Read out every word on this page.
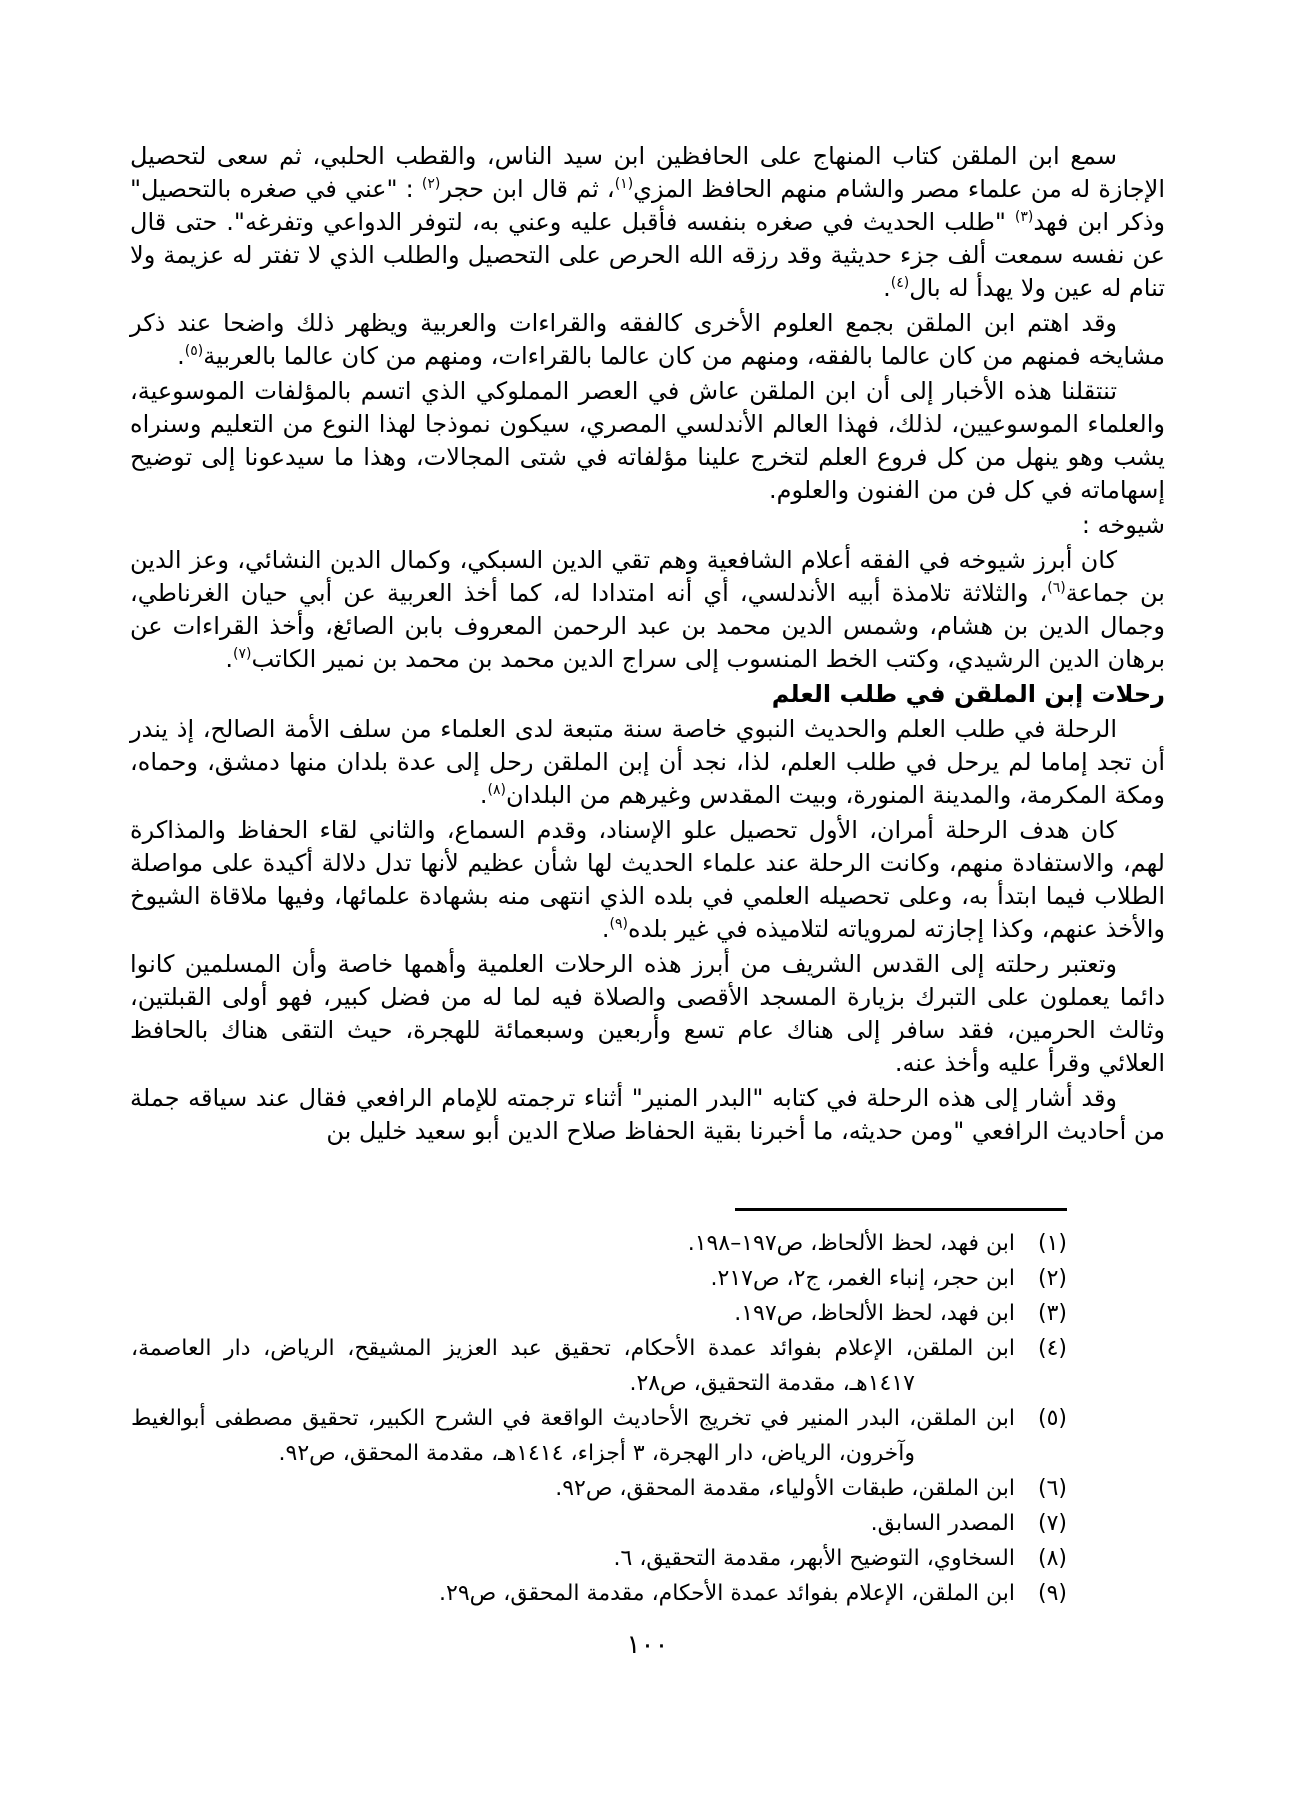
سمع ابن الملقن كتاب المنهاج على الحافظين ابن سيد الناس، والقطب الحلبي، ثم سعى لتحصيل الإجازة له من علماء مصر والشام منهم الحافظ المزي$^{(١)}$، ثم قال ابن حجر$^{(٢)}$ : "عني في صغره بالتحصيل" وذكر ابن فهد$^{(٣)}$ "طلب الحديث في صغره بنفسه فأقبل عليه وعني به، لتوفر الدواعي وتفرغه". حتى قال عن نفسه سمعت ألف جزء حديثية وقد رزقه الله الحرص على التحصيل والطلب الذي لا تفتر له عزيمة ولا تنام له عين ولا يهدأ له بال$^{(٤)}$.
وقد اهتم ابن الملقن بجمع العلوم الأخرى كالفقه والقراءات والعربية ويظهر ذلك واضحا عند ذكر مشايخه فمنهم من كان عالما بالفقه، ومنهم من كان عالما بالقراءات، ومنهم من كان عالما بالعربية$^{(٥)}$.
تنتقلنا هذه الأخبار إلى أن ابن الملقن عاش في العصر المملوكي الذي اتسم بالمؤلفات الموسوعية، والعلماء الموسوعيين، لذلك، فهذا العالم الأندلسي المصري، سيكون نموذجا لهذا النوع من التعليم وسنراه يشب وهو ينهل من كل فروع العلم لتخرج علينا مؤلفاته في شتى المجالات، وهذا ما سيدعونا إلى توضيح إسهاماته في كل فن من الفنون والعلوم.
شيوخه :
كان أبرز شيوخه في الفقه أعلام الشافعية وهم تقي الدين السبكي، وكمال الدين النشائي، وعز الدين بن جماعة$^{(٦)}$، والثلاثة تلامذة أبيه الأندلسي، أي أنه امتدادا له، كما أخذ العربية عن أبي حيان الغرناطي، وجمال الدين بن هشام، وشمس الدين محمد بن عبد الرحمن المعروف بابن الصائغ، وأخذ القراءات عن برهان الدين الرشيدي، وكتب الخط المنسوب إلى سراج الدين محمد بن محمد بن نمير الكاتب$^{(٧)}$.
رحلات إبن الملقن في طلب العلم
الرحلة في طلب العلم والحديث النبوي خاصة سنة متبعة لدى العلماء من سلف الأمة الصالح، إذ يندر أن تجد إماما لم يرحل في طلب العلم، لذا، نجد أن إبن الملقن رحل إلى عدة بلدان منها دمشق، وحماه، ومكة المكرمة، والمدينة المنورة، وبيت المقدس وغيرهم من البلدان$^{(٨)}$.
كان هدف الرحلة أمران، الأول تحصيل علو الإسناد، وقدم السماع، والثاني لقاء الحفاظ والمذاكرة لهم، والاستفادة منهم، وكانت الرحلة عند علماء الحديث لها شأن عظيم لأنها تدل دلالة أكيدة على مواصلة الطلاب فيما ابتدأ به، وعلى تحصيله العلمي في بلده الذي انتهى منه بشهادة علمائها، وفيها ملاقاة الشيوخ والأخذ عنهم، وكذا إجازته لمروياته لتلاميذه في غير بلده$^{(٩)}$.
وتعتبر رحلته إلى القدس الشريف من أبرز هذه الرحلات العلمية وأهمها خاصة وأن المسلمين كانوا دائما يعملون على التبرك بزيارة المسجد الأقصى والصلاة فيه لما له من فضل كبير، فهو أولى القبلتين، وثالث الحرمين، فقد سافر إلى هناك عام تسع وأربعين وسبعمائة للهجرة، حيث التقى هناك بالحافظ العلائي وقرأ عليه وأخذ عنه.
وقد أشار إلى هذه الرحلة في كتابه "البدر المنير" أثناء ترجمته للإمام الرافعي فقال عند سياقه جملة من أحاديث الرافعي "ومن حديثه، ما أخبرنا بقية الحفاظ صلاح الدين أبو سعيد خليل بن
(١)
ابن فهد، لحظ الألحاظ، ص١٩٧–١٩٨.
(٢)
ابن حجر، إنباء الغمر، ج٢، ص٢١٧.
(٣)
ابن فهد، لحظ الألحاظ، ص١٩٧.
(٤)
ابن الملقن، الإعلام بفوائد عمدة الأحكام، تحقيق عبد العزيز المشيقح، الرياض، دار العاصمة، ١٤١٧هـ، مقدمة التحقيق، ص٢٨.
(٥)
ابن الملقن، البدر المنير في تخريج الأحاديث الواقعة في الشرح الكبير، تحقيق مصطفى أبوالغيط وآخرون، الرياض، دار الهجرة، ٣ أجزاء، ١٤١٤هـ، مقدمة المحقق، ص٩٢.
(٦)
ابن الملقن، طبقات الأولياء، مقدمة المحقق، ص٩٢.
(٧)
المصدر السابق.
(٨)
السخاوي، التوضيح الأبهر، مقدمة التحقيق، ٦.
(٩)
ابن الملقن، الإعلام بفوائد عمدة الأحكام، مقدمة المحقق، ص٢٩.
١٠٠
